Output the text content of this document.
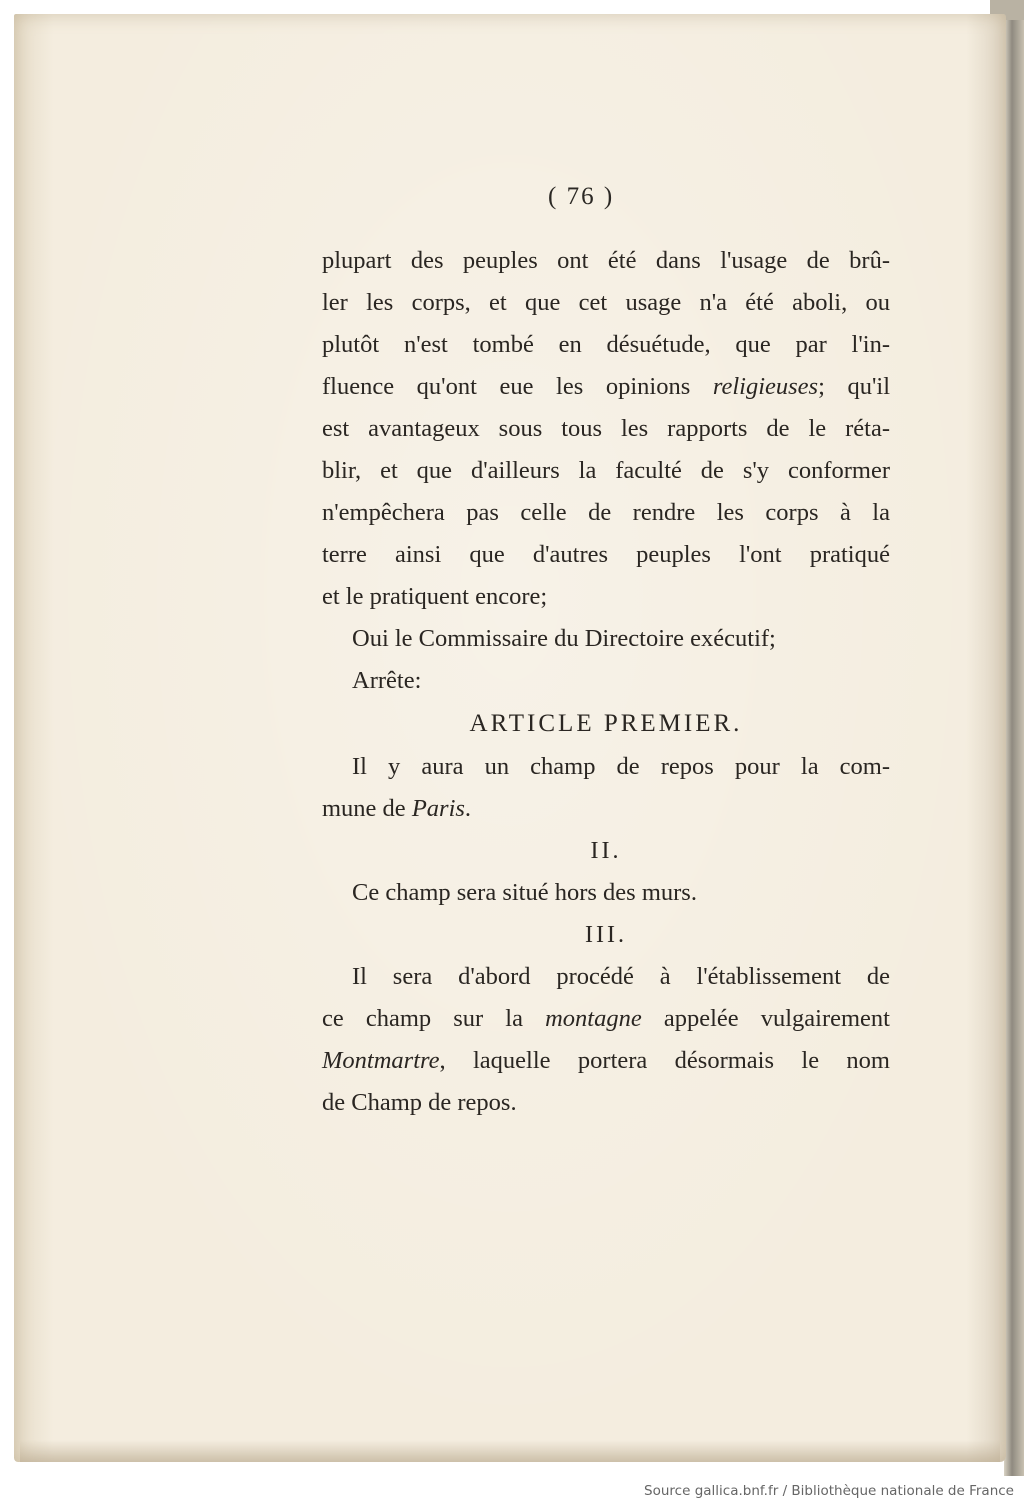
( 76 )
plupart des peuples ont été dans l'usage de brû-
ler les corps, et que cet usage n'a été aboli, ou
plutôt n'est tombé en désuétude, que par l'in-
fluence qu'ont eue les opinions religieuses; qu'il
est avantageux sous tous les rapports de le réta-
blir, et que d'ailleurs la faculté de s'y conformer
n'empêchera pas celle de rendre les corps à la
terre ainsi que d'autres peuples l'ont pratiqué
et le pratiquent encore;
Oui le Commissaire du Directoire exécutif;
Arrête:
ARTICLE PREMIER.
Il y aura un champ de repos pour la com-
mune de Paris.
II.
Ce champ sera situé hors des murs.
III.
Il sera d'abord procédé à l'établissement de
ce champ sur la montagne appelée vulgairement
Montmartre, laquelle portera désormais le nom
de Champ de repos.
Source gallica.bnf.fr / Bibliothèque nationale de France
